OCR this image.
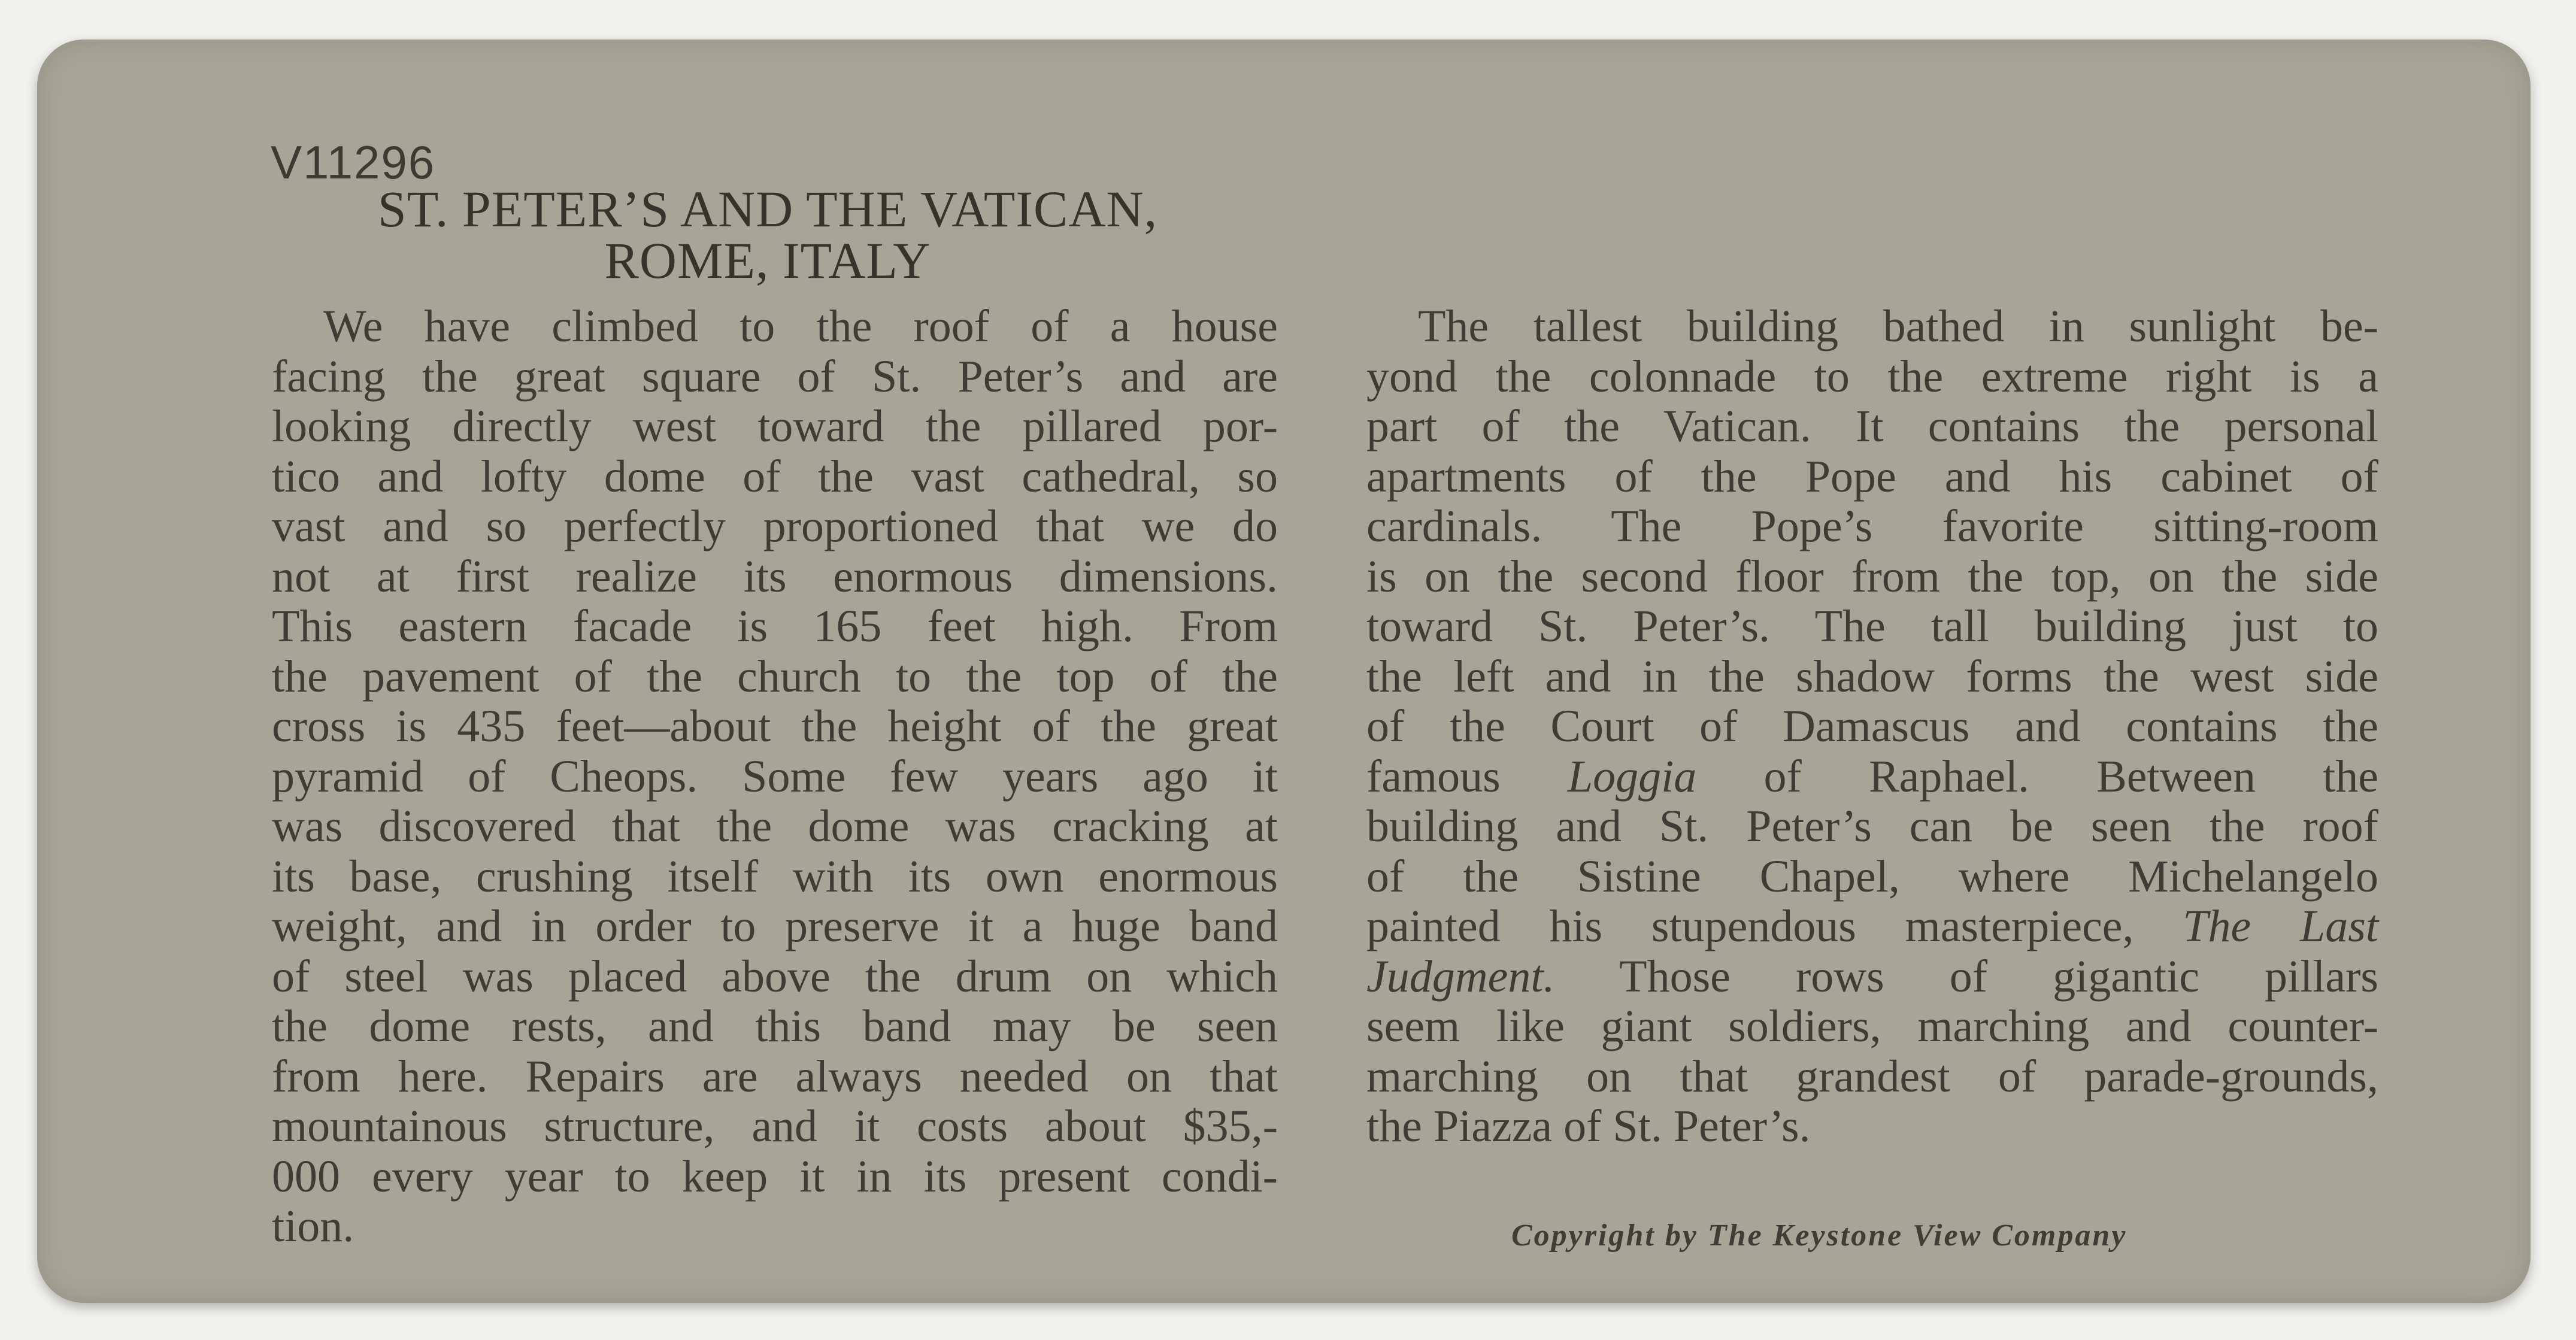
V11296
ST. PETER’S AND THE VATICAN,
ROME, ITALY
We have climbed to the roof of a house
facing the great square of St. Peter’s and are
looking directly west toward the pillared por-
tico and lofty dome of the vast cathedral, so
vast and so perfectly proportioned that we do
not at first realize its enormous dimensions.
This eastern facade is 165 feet high. From
the pavement of the church to the top of the
cross is 435 feet—about the height of the great
pyramid of Cheops. Some few years ago it
was discovered that the dome was cracking at
its base, crushing itself with its own enormous
weight, and in order to preserve it a huge band
of steel was placed above the drum on which
the dome rests, and this band may be seen
from here. Repairs are always needed on that
mountainous structure, and it costs about $35,-
000 every year to keep it in its present condi-
tion.
The tallest building bathed in sunlight be-
yond the colonnade to the extreme right is a
part of the Vatican. It contains the personal
apartments of the Pope and his cabinet of
cardinals. The Pope’s favorite sitting-room
is on the second floor from the top, on the side
toward St. Peter’s. The tall building just to
the left and in the shadow forms the west side
of the Court of Damascus and contains the
famous Loggia of Raphael. Between the
building and St. Peter’s can be seen the roof
of the Sistine Chapel, where Michelangelo
painted his stupendous masterpiece, The Last
Judgment. Those rows of gigantic pillars
seem like giant soldiers, marching and counter-
marching on that grandest of parade-grounds,
the Piazza of St. Peter’s.
Copyright by The Keystone View Company
